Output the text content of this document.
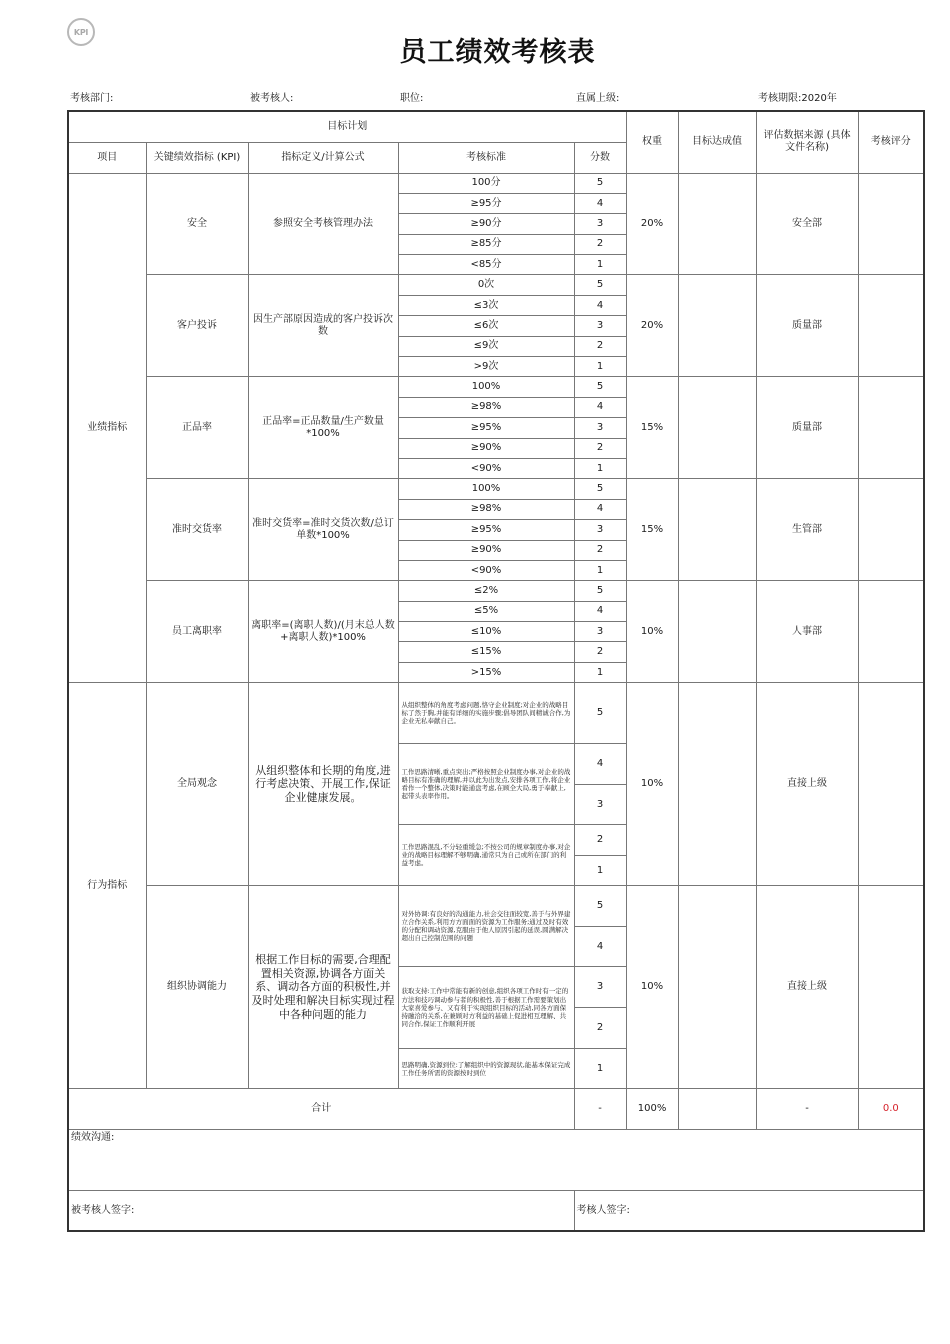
KPI
员工绩效考核表
考核部门:	被考核人:	职位:	直属上级:	考核期限:2020年
目标计划					权重	目标达成值	评估数据来源 (具体文件名称)	考核评分
项目	关键绩效指标 (KPI)	指标定义/计算公式	考核标准	分数				
业绩指标	安全	参照安全考核管理办法	100分	5	20%		安全部	
			≥95分	4				
			≥90分	3				
			≥85分	2				
			<85分	1				
	客户投诉	因生产部原因造成的客户投诉次数	0次	5	20%		质量部	
			≤3次	4				
			≤6次	3				
			≤9次	2				
			>9次	1				
	正品率	正品率=正品数量/生产数量*100%	100%	5	15%		质量部	
			≥98%	4				
			≥95%	3				
			≥90%	2				
			<90%	1				
	准时交货率	准时交货率=准时交货次数/总订单数*100%	100%	5	15%		生管部	
			≥98%	4				
			≥95%	3				
			≥90%	2				
			<90%	1				
	员工离职率	离职率=(离职人数)/(月末总人数+离职人数)*100%	≤2%	5	10%		人事部	
			≤5%	4				
			≤10%	3				
			≤15%	2				
			>15%	1				
行为指标	全局观念	从组织整体和长期的角度,进行考虑决策、开展工作,保证企业健康发展。	从组织整体的角度考虑问题,恪守企业制度;对企业的战略目标了然于胸,并能有详细的实施步骤;倡导团队间精诚合作,为企业无私奉献自己。	5	10%		直接上级	
			工作思路清晰,重点突出;严格按照企业制度办事,对企业的战略目标有准确的理解,并以此为出发点,安排各项工作,将企业看作一个整体,决策时能通盘考虑,在顾全大局,勇于奉献上,起带头表率作用。	4				
				3				
			工作思路混乱,不分轻重缓急;不按公司的规章制度办事,对企业的战略目标理解不够明确,通常只为自己或所在部门的利益考虑。	2				
				1				
	组织协调能力	根据工作目标的需要,合理配置相关资源,协调各方面关系、调动各方面的积极性,并及时处理和解决目标实现过程中各种问题的能力	对外协调:有良好的沟通能力,社会交往面较宽,善于与外界建立合作关系,利用方方面面的资源为工作服务;通过及时有效的分配和调动资源,克服由于他人原因引起的延误,圆满解决超出自己控制范围的问题	5	10%		直接上级	
				4				
			获取支持:工作中常能有新的创意,组织各项工作时有一定的方法和技巧调动参与者的积极性,善于根据工作需要策划出大家喜爱参与、又有利于实现组织目标的活动,同各方面保持融洽的关系,在兼顾对方利益的基础上促进相互理解、共同合作,保证工作顺利开展	3				
				2				
			思路明确,资源到位:了解组织中的资源现状,能基本保证完成工作任务所需的资源按时到位	1				
合计				-	100%		-	0.0
绩效沟通:								
被考核人签字:				考核人签字:				
